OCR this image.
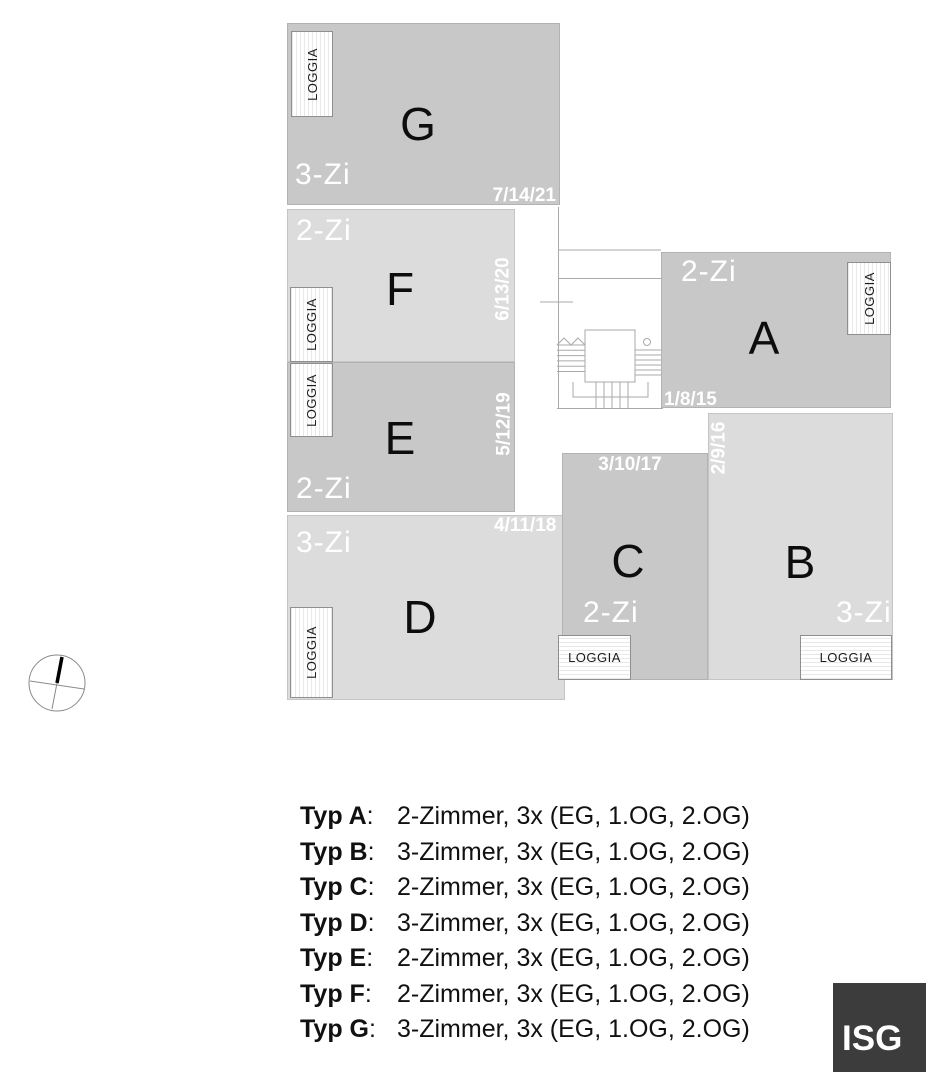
G
F
E
D
A
B
C
3-Zi
2-Zi
2-Zi
3-Zi
2-Zi
3-Zi
2-Zi
7/14/21
6/13/20
5/12/19
4/11/18
1/8/15
2/9/16
3/10/17
LOGGIA
LOGGIA
LOGGIA
LOGGIA
LOGGIA
LOGGIA	LOGGIA
Typ A: 2-Zimmer, 3x (EG, 1.OG, 2.OG)
Typ B: 3-Zimmer, 3x (EG, 1.OG, 2.OG)
Typ C: 2-Zimmer, 3x (EG, 1.OG, 2.OG)
Typ D: 3-Zimmer, 3x (EG, 1.OG, 2.OG)
Typ E: 2-Zimmer, 3x (EG, 1.OG, 2.OG)
Typ F: 2-Zimmer, 3x (EG, 1.OG, 2.OG)
Typ G: 3-Zimmer, 3x (EG, 1.OG, 2.OG)	ISG
